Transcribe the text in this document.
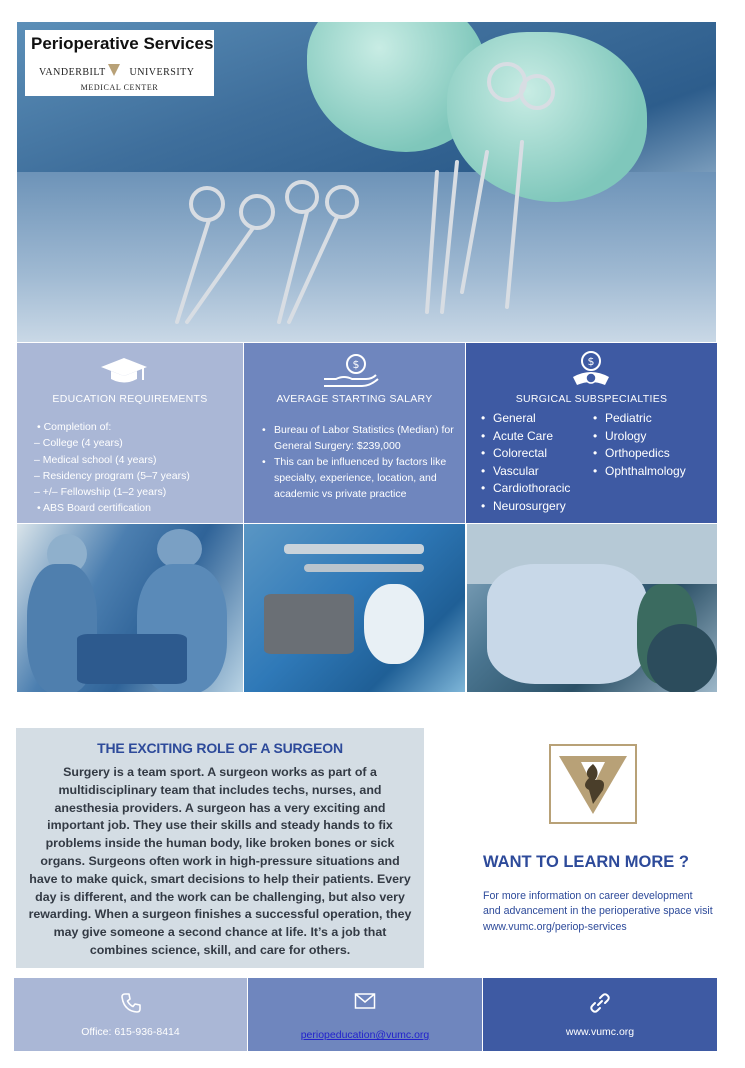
Perioperative Services
VANDERBILT UNIVERSITY
MEDICAL CENTER
EDUCATION REQUIREMENTS
• Completion of:
– College (4 years)
– Medical school (4 years)
– Residency program (5–7 years)
– +/– Fellowship (1–2 years)
• ABS Board certification
$
AVERAGE STARTING SALARY
• Bureau of Labor Statistics (Median) for General Surgery: $239,000
• This can be influenced by factors like specialty, experience, location, and academic vs private practice
$
SURGICAL SUBSPECIALTIES
• General
• Acute Care
• Colorectal
• Vascular
• Cardiothoracic
• Neurosurgery
• Pediatric
• Urology
• Orthopedics
• Ophthalmology
THE EXCITING ROLE OF A SURGEON
Surgery is a team sport. A surgeon works as part of a multidisciplinary team that includes techs, nurses, and anesthesia providers. A surgeon has a very exciting and important job. They use their skills and steady hands to fix problems inside the human body, like broken bones or sick organs. Surgeons often work in high-pressure situations and have to make quick, smart decisions to help their patients. Every day is different, and the work can be challenging, but also very rewarding. When a surgeon finishes a successful operation, they may give someone a second chance at life. It’s a job that combines science, skill, and care for others.
WANT TO LEARN MORE ?
For more information on career development
and advancement in the perioperative space visit
www.vumc.org/periop-services
Office: 615-936-8414	periopeducation@vumc.org	www.vumc.org
